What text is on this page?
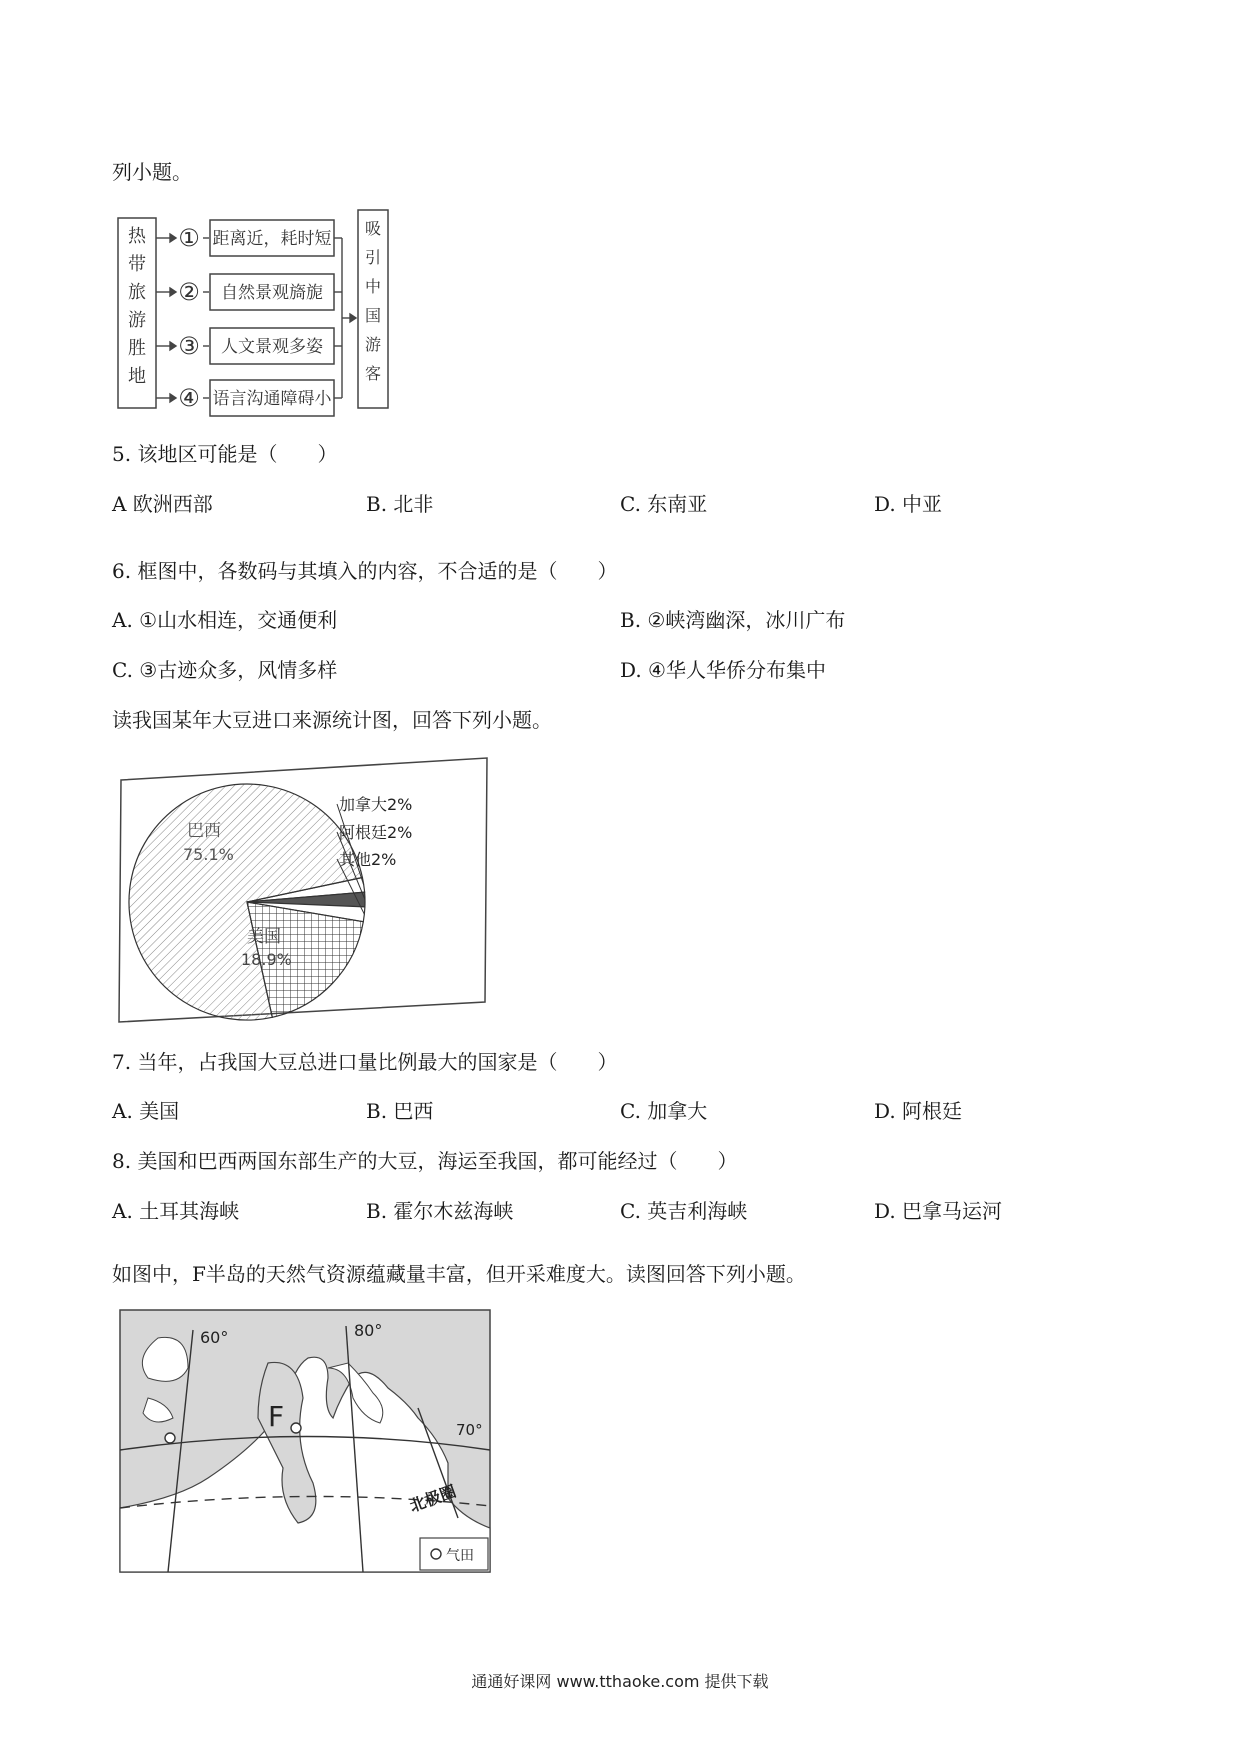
列小题。
热带旅游胜地
① 距离近，耗时短
② 自然景观旖旎
③ 人文景观多姿
④ 语言沟通障碍小
吸引中国游客
5. 该地区可能是（　　）
A 欧洲西部	B. 北非	C. 东南亚	D. 中亚
6. 框图中，各数码与其填入的内容，不合适的是（　　）
A. ①山水相连，交通便利	B. ②峡湾幽深，冰川广布
C. ③古迹众多，风情多样	D. ④华人华侨分布集中
读我国某年大豆进口来源统计图，回答下列小题。
巴西
75.1%
美国
18.9%
加拿大2%
阿根廷2%
其他2%
7. 当年，占我国大豆总进口量比例最大的国家是（　　）
A. 美国	B. 巴西	C. 加拿大	D. 阿根廷
8. 美国和巴西两国东部生产的大豆，海运至我国，都可能经过（　　）
A. 土耳其海峡	B. 霍尔木兹海峡	C. 英吉利海峡	D. 巴拿马运河
如图中，F半岛的天然气资源蕴藏量丰富，但开采难度大。读图回答下列小题。
60°	80°
70°
F
北极圈
气田
通通好课网 www.tthaoke.com 提供下载
